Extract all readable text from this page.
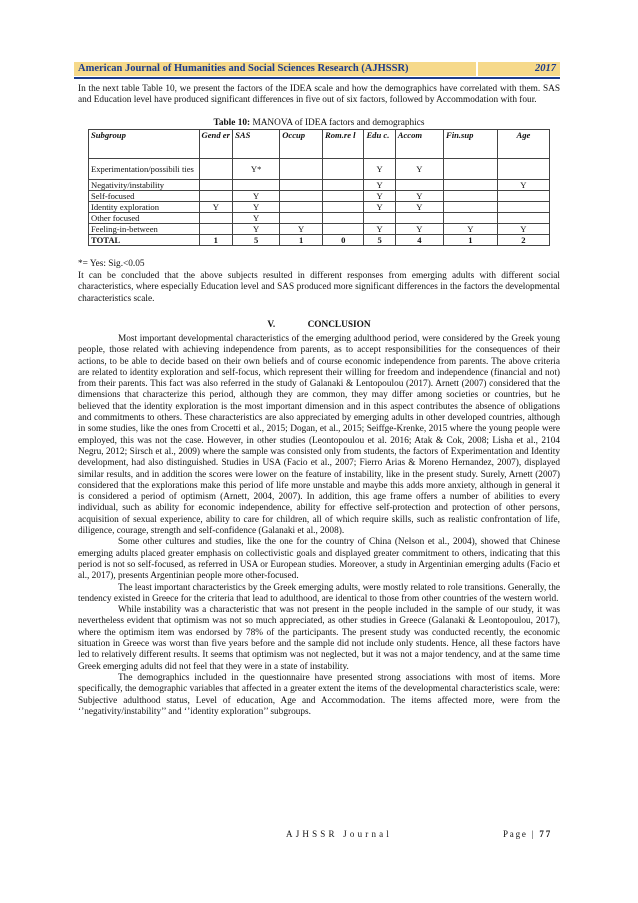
American Journal of Humanities and Social Sciences Research (AJHSSR)	2017

In the next table Table 10, we present the factors of the IDEA scale and how the demographics have correlated with them. SAS and Education level have produced significant differences in five out of six factors, followed by Accommodation with four.

Table 10: MANOVA of IDEA factors and demographics
Subgroup	Gend er	SAS	Occup	Rom.re l	Edu c.	Accom	Fin.sup	Age
Experimentation/possibili ties		Y*			Y	Y		
Negativity/instability					Y			Y
Self-focused		Y			Y	Y		
Identity exploration	Y	Y			Y	Y		
Other focused		Y						
Feeling-in-between		Y	Y		Y	Y	Y	Y
TOTAL	1	5	1	0	5	4	1	2

*= Yes: Sig.<0.05

It can be concluded that the above subjects resulted in different responses from emerging adults with different social characteristics, where especially Education level and SAS produced more significant differences in the factors the developmental characteristics scale.

V.	CONCLUSION

Most important developmental characteristics of the emerging adulthood period, were considered by the Greek young people, those related with achieving independence from parents, as to accept responsibilities for the consequences of their actions, to be able to decide based on their own beliefs and of course economic independence from parents. The above criteria are related to identity exploration and self-focus, which represent their willing for freedom and independence (financial and not) from their parents. This fact was also referred in the study of Galanaki & Lentopoulou (2017). Arnett (2007) considered that the dimensions that characterize this period, although they are common, they may differ among societies or countries, but he believed that the identity exploration is the most important dimension and in this aspect contributes the absence of obligations and commitments to others. These characteristics are also appreciated by emerging adults in other developed countries, although in some studies, like the ones from Crocetti et al., 2015; Dogan, et al., 2015; Seiffge-Krenke, 2015 where the young people were employed, this was not the case. However, in other studies (Leontopoulou et al. 2016; Atak & Cok, 2008; Lisha et al., 2104 Negru, 2012; Sirsch et al., 2009) where the sample was consisted only from students, the factors of Experimentation and Identity development, had also distinguished. Studies in USA (Facio et al., 2007; Fierro Arias & Moreno Hernandez, 2007), displayed similar results, and in addition the scores were lower on the feature of instability, like in the present study. Surely, Arnett (2007) considered that the explorations make this period of life more unstable and maybe this adds more anxiety, although in general it is considered a period of optimism (Arnett, 2004, 2007). In addition, this age frame offers a number of abilities to every individual, such as ability for economic independence, ability for effective self-protection and protection of other persons, acquisition of sexual experience, ability to care for children, all of which require skills, such as realistic confrontation of life, diligence, courage, strength and self-confidence (Galanaki et al., 2008).

Some other cultures and studies, like the one for the country of China (Nelson et al., 2004), showed that Chinese emerging adults placed greater emphasis on collectivistic goals and displayed greater commitment to others, indicating that this period is not so self-focused, as referred in USA or European studies. Moreover, a study in Argentinian emerging adults (Facio et al., 2017), presents Argentinian people more other-focused.

The least important characteristics by the Greek emerging adults, were mostly related to role transitions. Generally, the tendency existed in Greece for the criteria that lead to adulthood, are identical to those from other countries of the western world.

While instability was a characteristic that was not present in the people included in the sample of our study, it was nevertheless evident that optimism was not so much appreciated, as other studies in Greece (Galanaki & Leontopoulou, 2017), where the optimism item was endorsed by 78% of the participants. The present study was conducted recently, the economic situation in Greece was worst than five years before and the sample did not include only students. Hence, all these factors have led to relatively different results. It seems that optimism was not neglected, but it was not a major tendency, and at the same time Greek emerging adults did not feel that they were in a state of instability.

The demographics included in the questionnaire have presented strong associations with most of items. More specifically, the demographic variables that affected in a greater extent the items of the developmental characteristics scale, were: Subjective adulthood status, Level of education, Age and Accommodation. The items affected more, were from the ‘’negativity/instability’’ and ‘’identity exploration’’ subgroups.

AJHSSR Journal	Page | 77
